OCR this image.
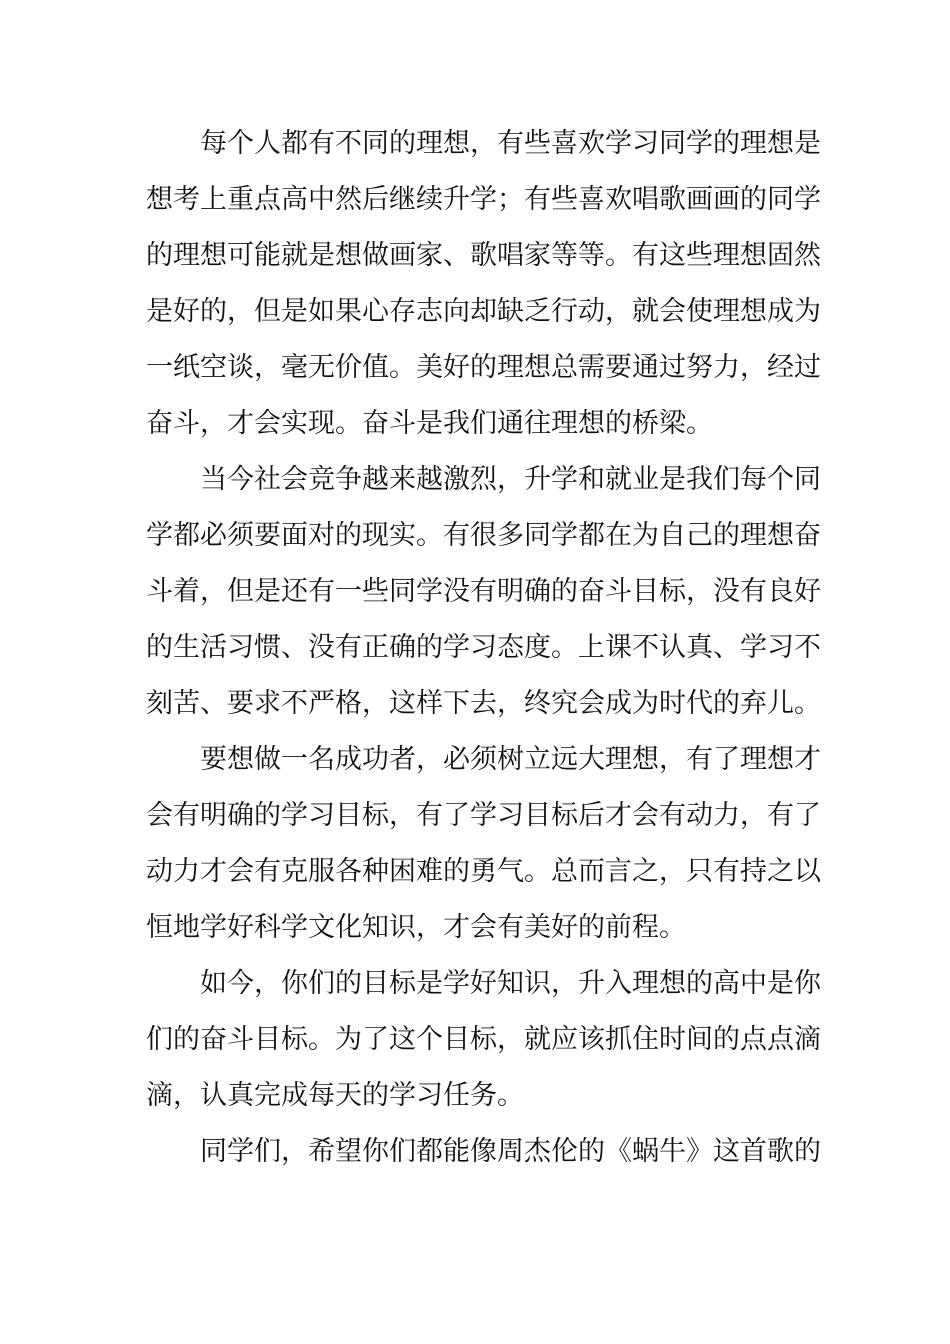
每个人都有不同的理想，有些喜欢学习同学的理想是
想考上重点高中然后继续升学；有些喜欢唱歌画画的同学
的理想可能就是想做画家、歌唱家等等。有这些理想固然
是好的，但是如果心存志向却缺乏行动，就会使理想成为
一纸空谈，毫无价值。美好的理想总需要通过努力，经过
奋斗，才会实现。奋斗是我们通往理想的桥梁。
当今社会竞争越来越激烈，升学和就业是我们每个同
学都必须要面对的现实。有很多同学都在为自己的理想奋
斗着，但是还有一些同学没有明确的奋斗目标，没有良好
的生活习惯、没有正确的学习态度。上课不认真、学习不
刻苦、要求不严格，这样下去，终究会成为时代的弃儿。
要想做一名成功者，必须树立远大理想，有了理想才
会有明确的学习目标，有了学习目标后才会有动力，有了
动力才会有克服各种困难的勇气。总而言之，只有持之以
恒地学好科学文化知识，才会有美好的前程。
如今，你们的目标是学好知识，升入理想的高中是你
们的奋斗目标。为了这个目标，就应该抓住时间的点点滴
滴，认真完成每天的学习任务。
同学们，希望你们都能像周杰伦的《蜗牛》这首歌的
